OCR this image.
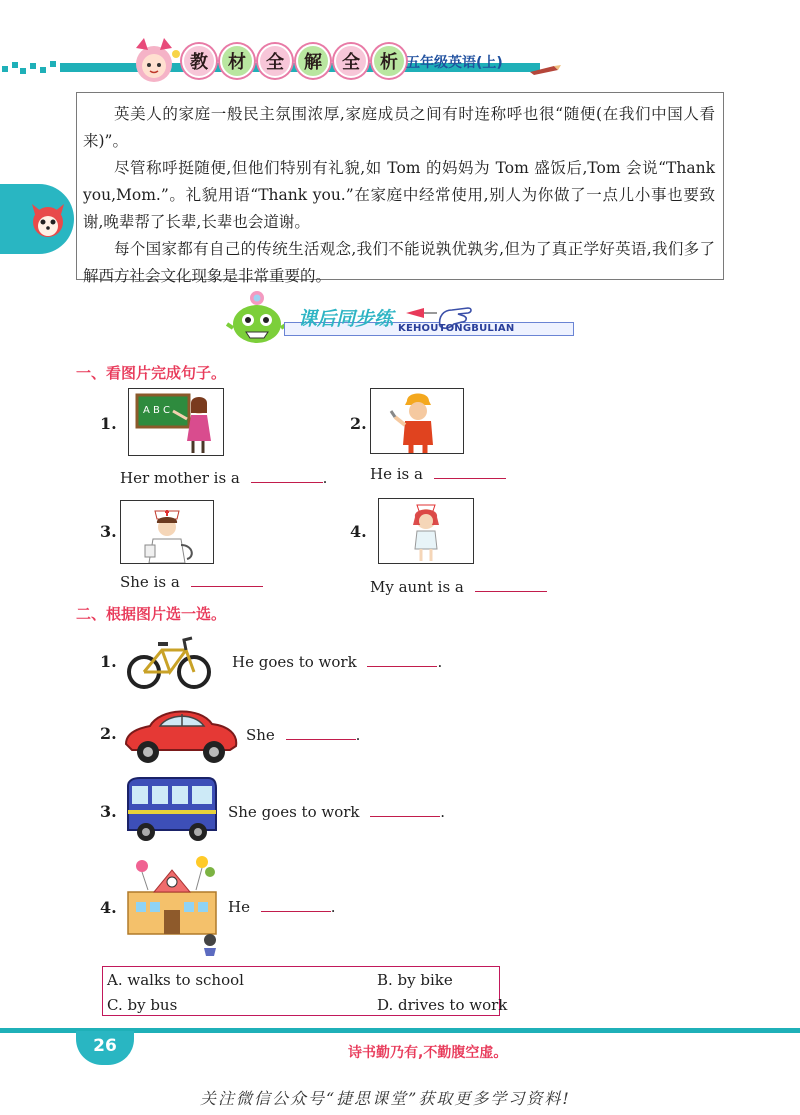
教	材	全	解	全	析 五年级英语(上)

英美人的家庭一般民主氛围浓厚,家庭成员之间有时连称呼也很“随便(在我们中国人看来)”。

尽管称呼挺随便,但他们特别有礼貌,如 Tom 的妈妈为 Tom 盛饭后,Tom 会说“Thank you,Mom.”。礼貌用语“Thank you.”在家庭中经常使用,别人为你做了一点儿小事也要致谢,晚辈帮了长辈,长辈也会道谢。

每个国家都有自己的传统生活观念,我们不能说孰优孰劣,但为了真正学好英语,我们多了解西方社会文化现象是非常重要的。

课后同步练 KEHOUTONGBULIAN
一、看图片完成句子。
1.
A B C
Her mother is a	.
2.
He is a
3.
She is a
4.
My aunt is a
二、根据图片选一选。
1.	He goes to work	.
2.	She	.
3.	She goes to work	.
4.	He	.
A. walks to school	B. by bike
C. by bus	D. drives to work
26	诗书勤乃有,不勤腹空虚。
关注微信公众号“捷思课堂”获取更多学习资料!
